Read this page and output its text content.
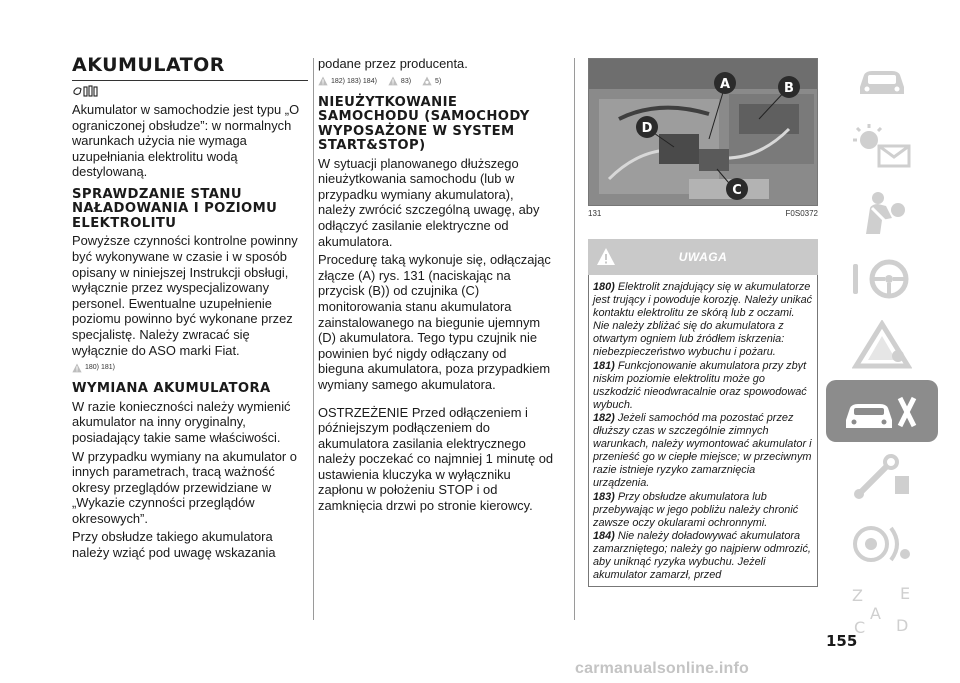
AKUMULATOR

Akumulator w samochodzie jest typu „O ograniczonej obsłudze”: w normalnych warunkach użycia nie wymaga uzupełniania elektrolitu wodą destylowaną.

SPRAWDZANIE STANU NAŁADOWANIA I POZIOMU ELEKTROLITU

Powyższe czynności kontrolne powinny być wykonywane w czasie i w sposób opisany w niniejszej Instrukcji obsługi, wyłącznie przez wyspecjalizowany personel. Ewentualne uzupełnienie poziomu powinno być wykonane przez specjalistę. Należy zwracać się wyłącznie do ASO marki Fiat.

180) 181)
WYMIANA AKUMULATORA

W razie konieczności należy wymienić akumulator na inny oryginalny, posiadający takie same właściwości.

W przypadku wymiany na akumulator o innych parametrach, tracą ważność okresy przeglądów przewidziane w „Wykazie czynności przeglądów okresowych”.

Przy obsłudze takiego akumulatora należy wziąć pod uwagę wskazania

podane przez producenta.

182) 183) 184)	83)	5)
NIEUŻYTKOWANIE SAMOCHODU (SAMOCHODY WYPOSAŻONE W SYSTEM START&STOP)

W sytuacji planowanego dłuższego nieużytkowania samochodu (lub w przypadku wymiany akumulatora), należy zwrócić szczególną uwagę, aby odłączyć zasilanie elektryczne od akumulatora.

Procedurę taką wykonuje się, odłączając złącze (A) rys. 131 (naciskając na przycisk (B)) od czujnika (C) monitorowania stanu akumulatora zainstalowanego na biegunie ujemnym (D) akumulatora. Tego typu czujnik nie powinien być nigdy odłączany od bieguna akumulatora, poza przypadkiem wymiany samego akumulatora.

OSTRZEŻENIE Przed odłączeniem i późniejszym podłączeniem do akumulatora zasilania elektrycznego należy poczekać co najmniej 1 minutę od ustawienia kluczyka w wyłączniku zapłonu w położeniu STOP i od zamknięcia drzwi po stronie kierowcy.

A	B
C
D
131	F0S0372
UWAGA
180) Elektrolit znajdujący się w akumulatorze jest trujący i powoduje korozję. Należy unikać kontaktu elektrolitu ze skórą lub z oczami. Nie należy zbliżać się do akumulatora z otwartym ogniem lub źródłem iskrzenia: niebezpieczeństwo wybuchu i pożaru.
181) Funkcjonowanie akumulatora przy zbyt niskim poziomie elektrolitu może go uszkodzić nieodwracalnie oraz spowodować wybuch.
182) Jeżeli samochód ma pozostać przez dłuższy czas w szczególnie zimnych warunkach, należy wymontować akumulator i przenieść go w ciepłe miejsce; w przeciwnym razie istnieje ryzyko zamarznięcia urządzenia.
183) Przy obsłudze akumulatora lub przebywając w jego pobliżu należy chronić zawsze oczy okularami ochronnymi.
184) Nie należy doładowywać akumulatora zamarzniętego; należy go najpierw odmrozić, aby uniknąć ryzyka wybuchu. Jeżeli akumulator zamarzł, przed
Z E
A
C D
155
carmanualsonline.info
